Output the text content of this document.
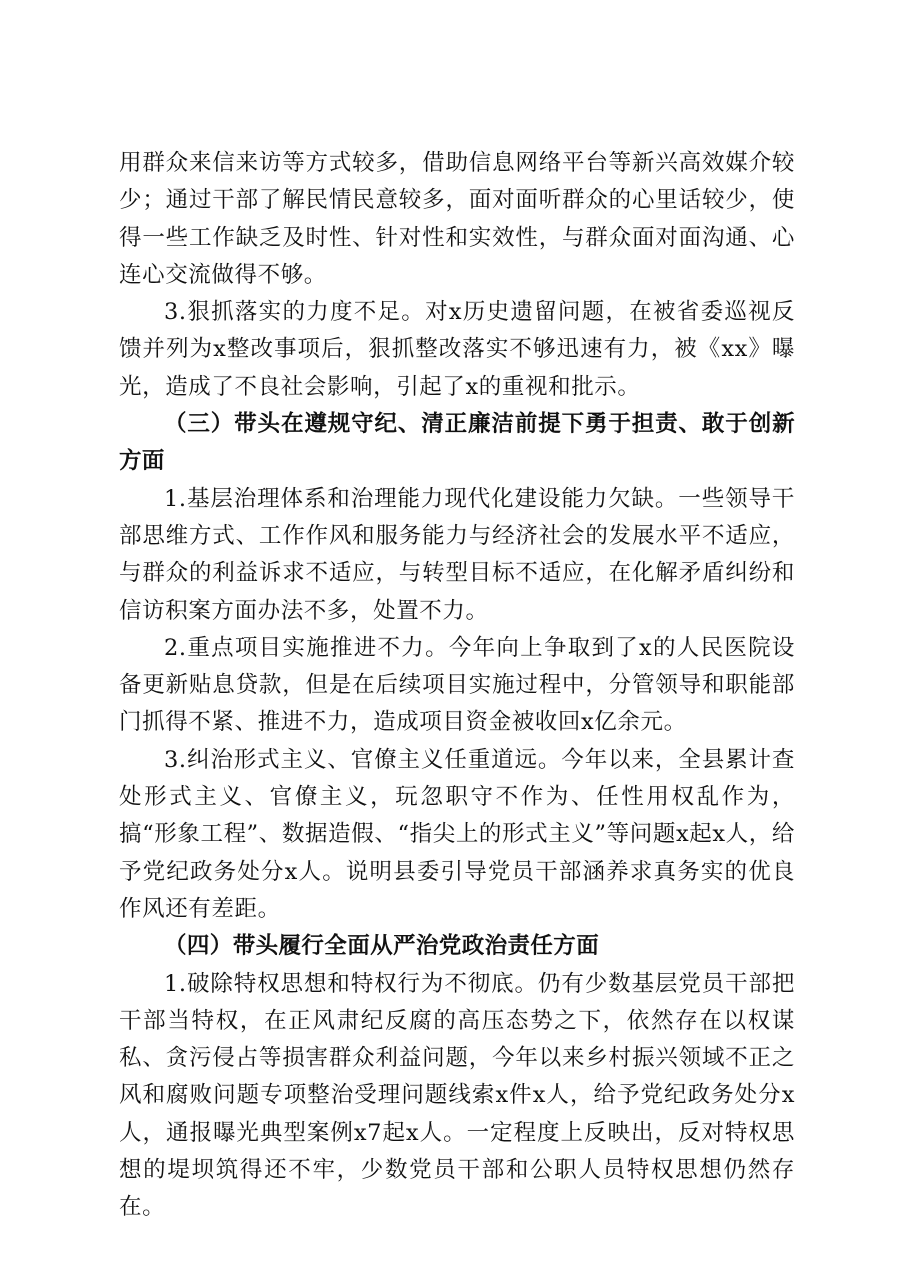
用群众来信来访等方式较多，借助信息网络平台等新兴高效媒介较少；通过干部了解民情民意较多，面对面听群众的心里话较少，使得一些工作缺乏及时性、针对性和实效性，与群众面对面沟通、心连心交流做得不够。

3.狠抓落实的力度不足。对x历史遗留问题，在被省委巡视反馈并列为x整改事项后，狠抓整改落实不够迅速有力，被《xx》曝光，造成了不良社会影响，引起了x的重视和批示。

（三）带头在遵规守纪、清正廉洁前提下勇于担责、敢于创新方面

1.基层治理体系和治理能力现代化建设能力欠缺。一些领导干部思维方式、工作作风和服务能力与经济社会的发展水平不适应，与群众的利益诉求不适应，与转型目标不适应，在化解矛盾纠纷和信访积案方面办法不多，处置不力。

2.重点项目实施推进不力。今年向上争取到了x的人民医院设备更新贴息贷款，但是在后续项目实施过程中，分管领导和职能部门抓得不紧、推进不力，造成项目资金被收回x亿余元。

3.纠治形式主义、官僚主义任重道远。今年以来，全县累计查处形式主义、官僚主义，玩忽职守不作为、任性用权乱作为，搞“形象工程”、数据造假、“指尖上的形式主义”等问题x起x人，给予党纪政务处分x人。说明县委引导党员干部涵养求真务实的优良作风还有差距。

（四）带头履行全面从严治党政治责任方面

1.破除特权思想和特权行为不彻底。仍有少数基层党员干部把干部当特权，在正风肃纪反腐的高压态势之下，依然存在以权谋私、贪污侵占等损害群众利益问题，今年以来乡村振兴领域不正之风和腐败问题专项整治受理问题线索x件x人，给予党纪政务处分x人，通报曝光典型案例x7起x人。一定程度上反映出，反对特权思想的堤坝筑得还不牢，少数党员干部和公职人员特权思想仍然存在。
